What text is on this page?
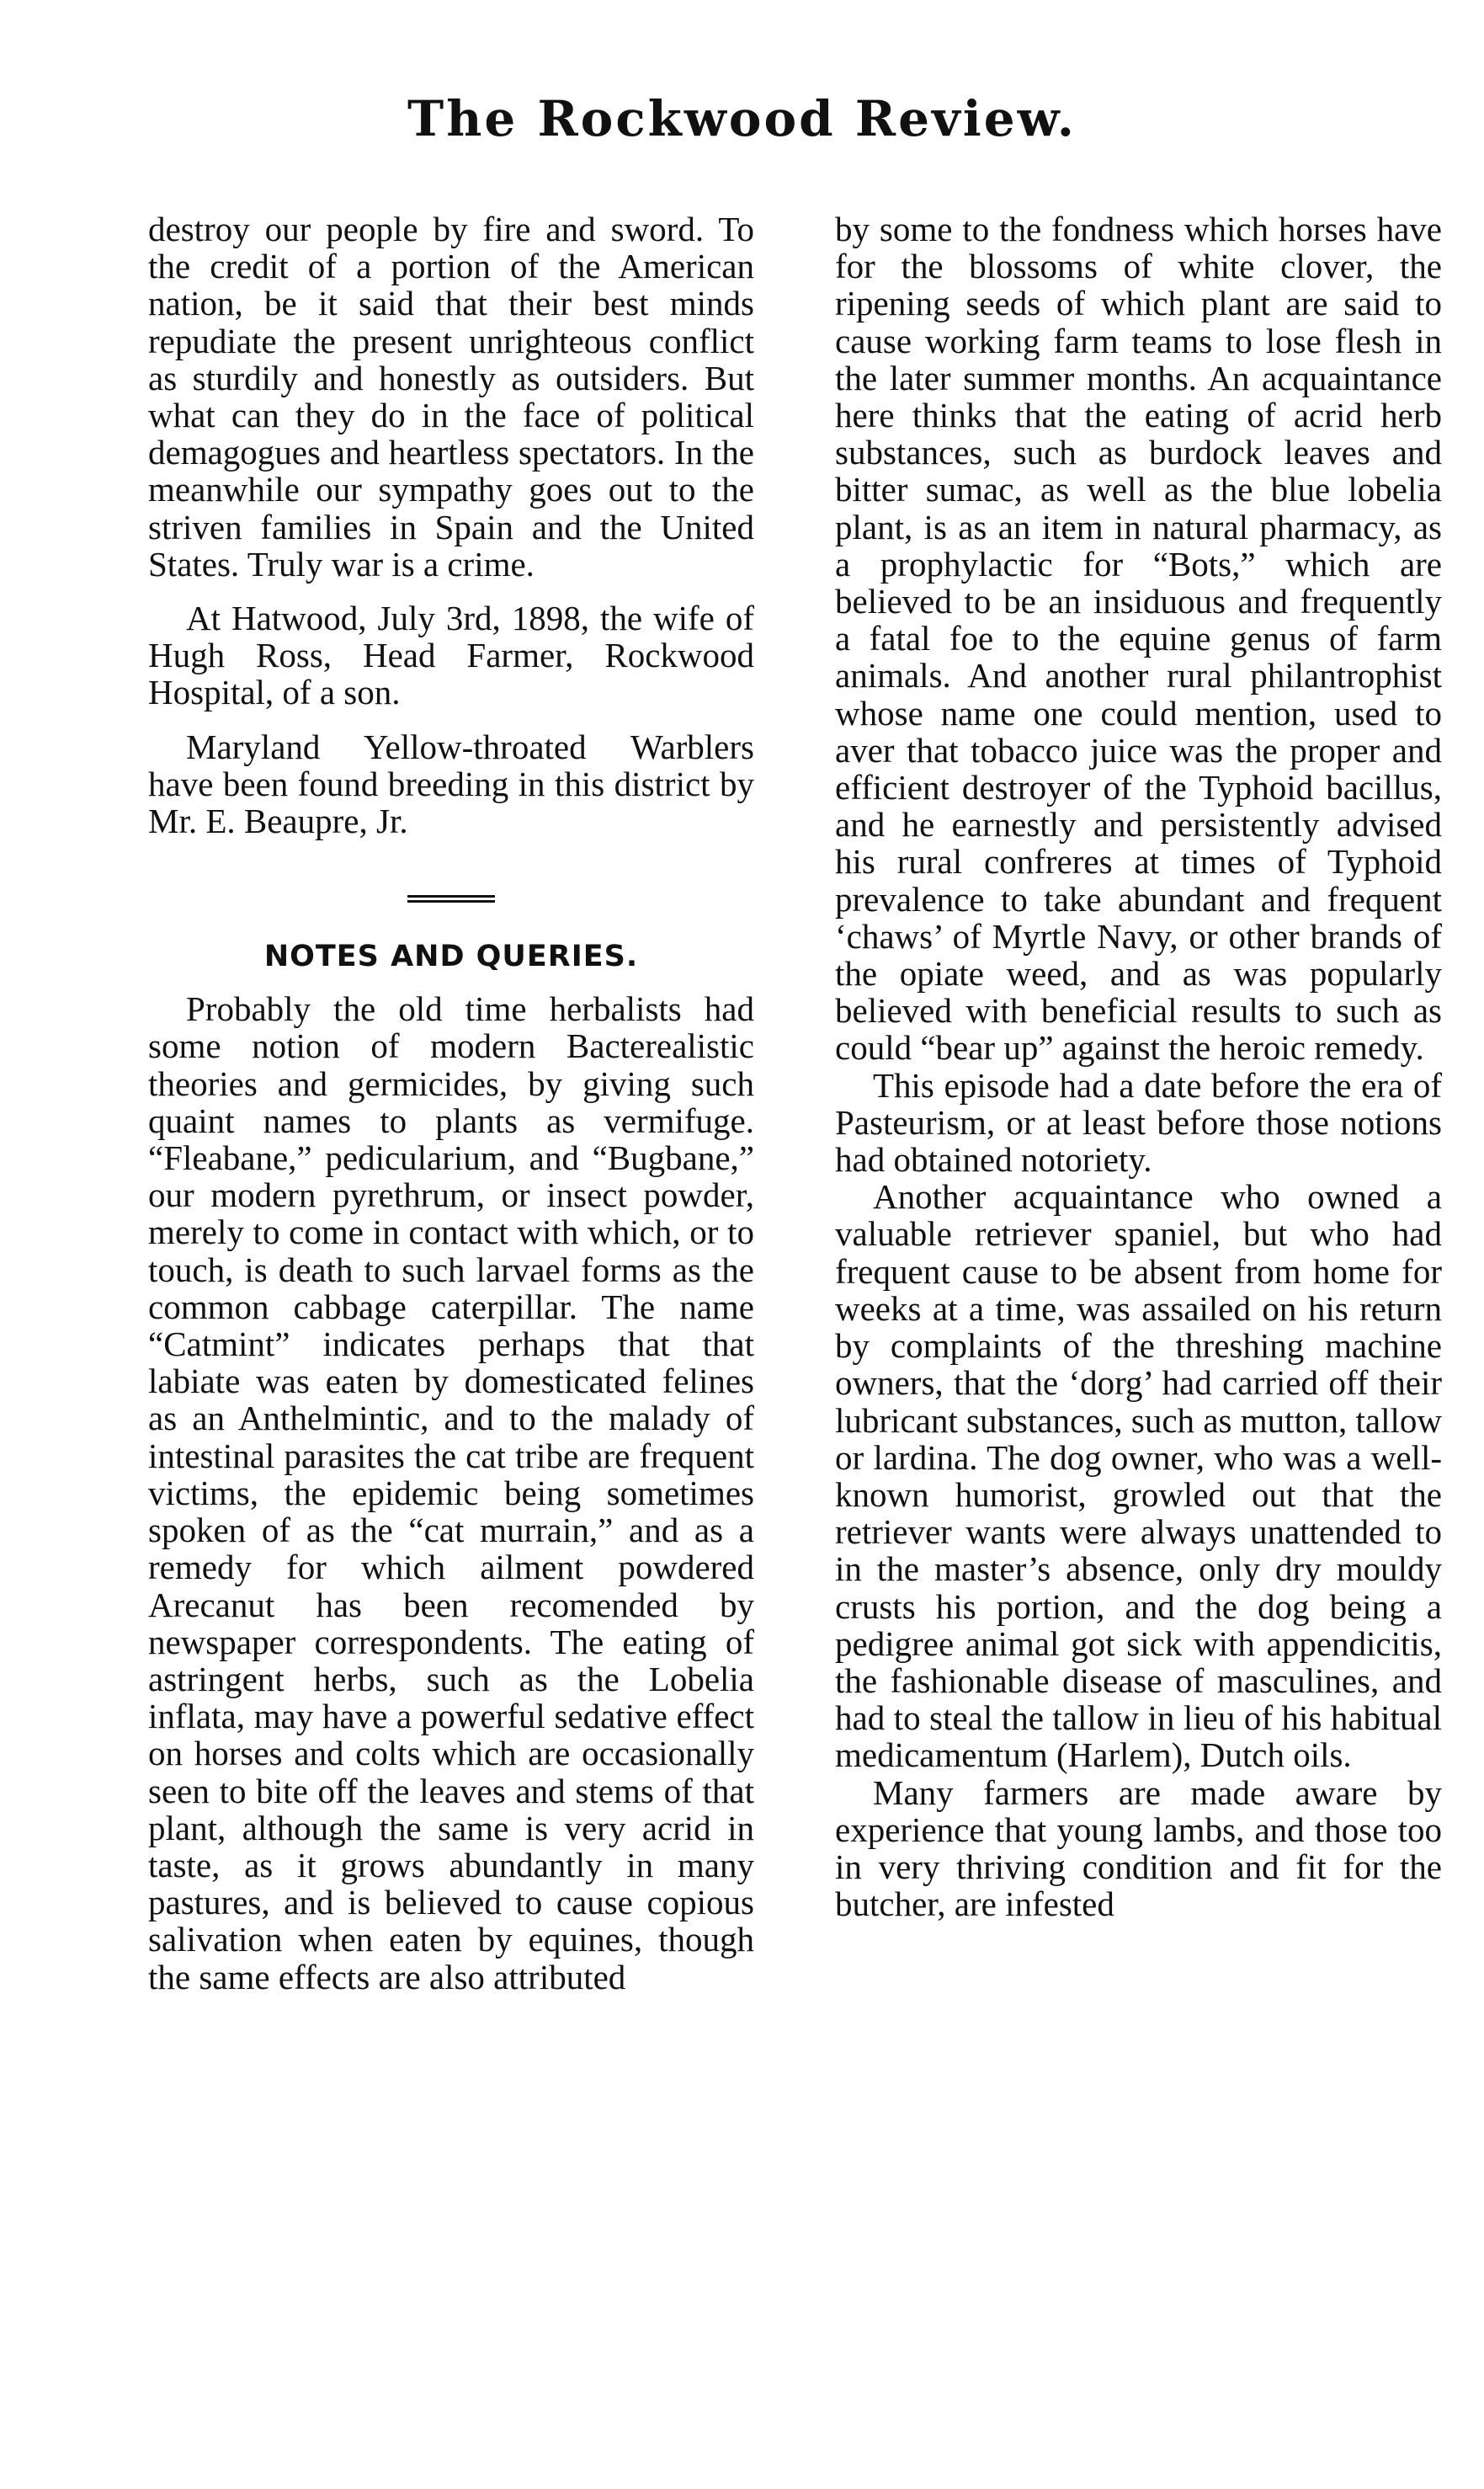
The Rockwood Review.

destroy our people by fire and sword. To the credit of a portion of the American nation, be it said that their best minds repudiate the present unrighteous conflict as sturdily and honestly as outsiders. But what can they do in the face of political demagogues and heartless spectators. In the meanwhile our sympathy goes out to the striven families in Spain and the United States. Truly war is a crime.

At Hatwood, July 3rd, 1898, the wife of Hugh Ross, Head Farmer, Rockwood Hospital, of a son.

Maryland Yellow-throated Warblers have been found breeding in this district by Mr. E. Beaupre, Jr.

NOTES AND QUERIES.

Probably the old time herbalists had some notion of modern Bacterealistic theories and germicides, by giving such quaint names to plants as vermifuge. “Fleabane,” pedicularium, and “Bugbane,” our modern pyrethrum, or insect powder, merely to come in contact with which, or to touch, is death to such larvael forms as the common cabbage caterpillar. The name “Catmint” indicates perhaps that that labiate was eaten by domesticated felines as an Anthelmintic, and to the malady of intestinal parasites the cat tribe are frequent victims, the epidemic being sometimes spoken of as the “cat murrain,” and as a remedy for which ailment powdered Arecanut has been recomended by newspaper correspondents. The eating of astringent herbs, such as the Lobelia inflata, may have a powerful sedative effect on horses and colts which are occasionally seen to bite off the leaves and stems of that plant, although the same is very acrid in taste, as it grows abundantly in many pastures, and is believed to cause copious salivation when eaten by equines, though the same effects are also attributed

by some to the fondness which horses have for the blossoms of white clover, the ripening seeds of which plant are said to cause working farm teams to lose flesh in the later summer months. An acquaintance here thinks that the eating of acrid herb substances, such as burdock leaves and bitter sumac, as well as the blue lobelia plant, is as an item in natural pharmacy, as a prophylactic for “Bots,” which are believed to be an insiduous and frequently a fatal foe to the equine genus of farm animals. And another rural philantrophist whose name one could mention, used to aver that tobacco juice was the proper and efficient destroyer of the Typhoid bacillus, and he earnestly and persistently advised his rural confreres at times of Typhoid prevalence to take abundant and frequent ‘chaws’ of Myrtle Navy, or other brands of the opiate weed, and as was popularly believed with beneficial results to such as could “bear up” against the heroic remedy.

This episode had a date before the era of Pasteurism, or at least before those notions had obtained notoriety.

Another acquaintance who owned a valuable retriever spaniel, but who had frequent cause to be absent from home for weeks at a time, was assailed on his return by complaints of the threshing machine owners, that the ‘dorg’ had carried off their lubricant substances, such as mutton, tallow or lardina. The dog owner, who was a well-known humorist, growled out that the retriever wants were always unattended to in the master’s absence, only dry mouldy crusts his portion, and the dog being a pedigree animal got sick with appendicitis, the fashionable disease of masculines, and had to steal the tallow in lieu of his habitual medicamentum (Harlem), Dutch oils.

Many farmers are made aware by experience that young lambs, and those too in very thriving condition and fit for the butcher, are infested
